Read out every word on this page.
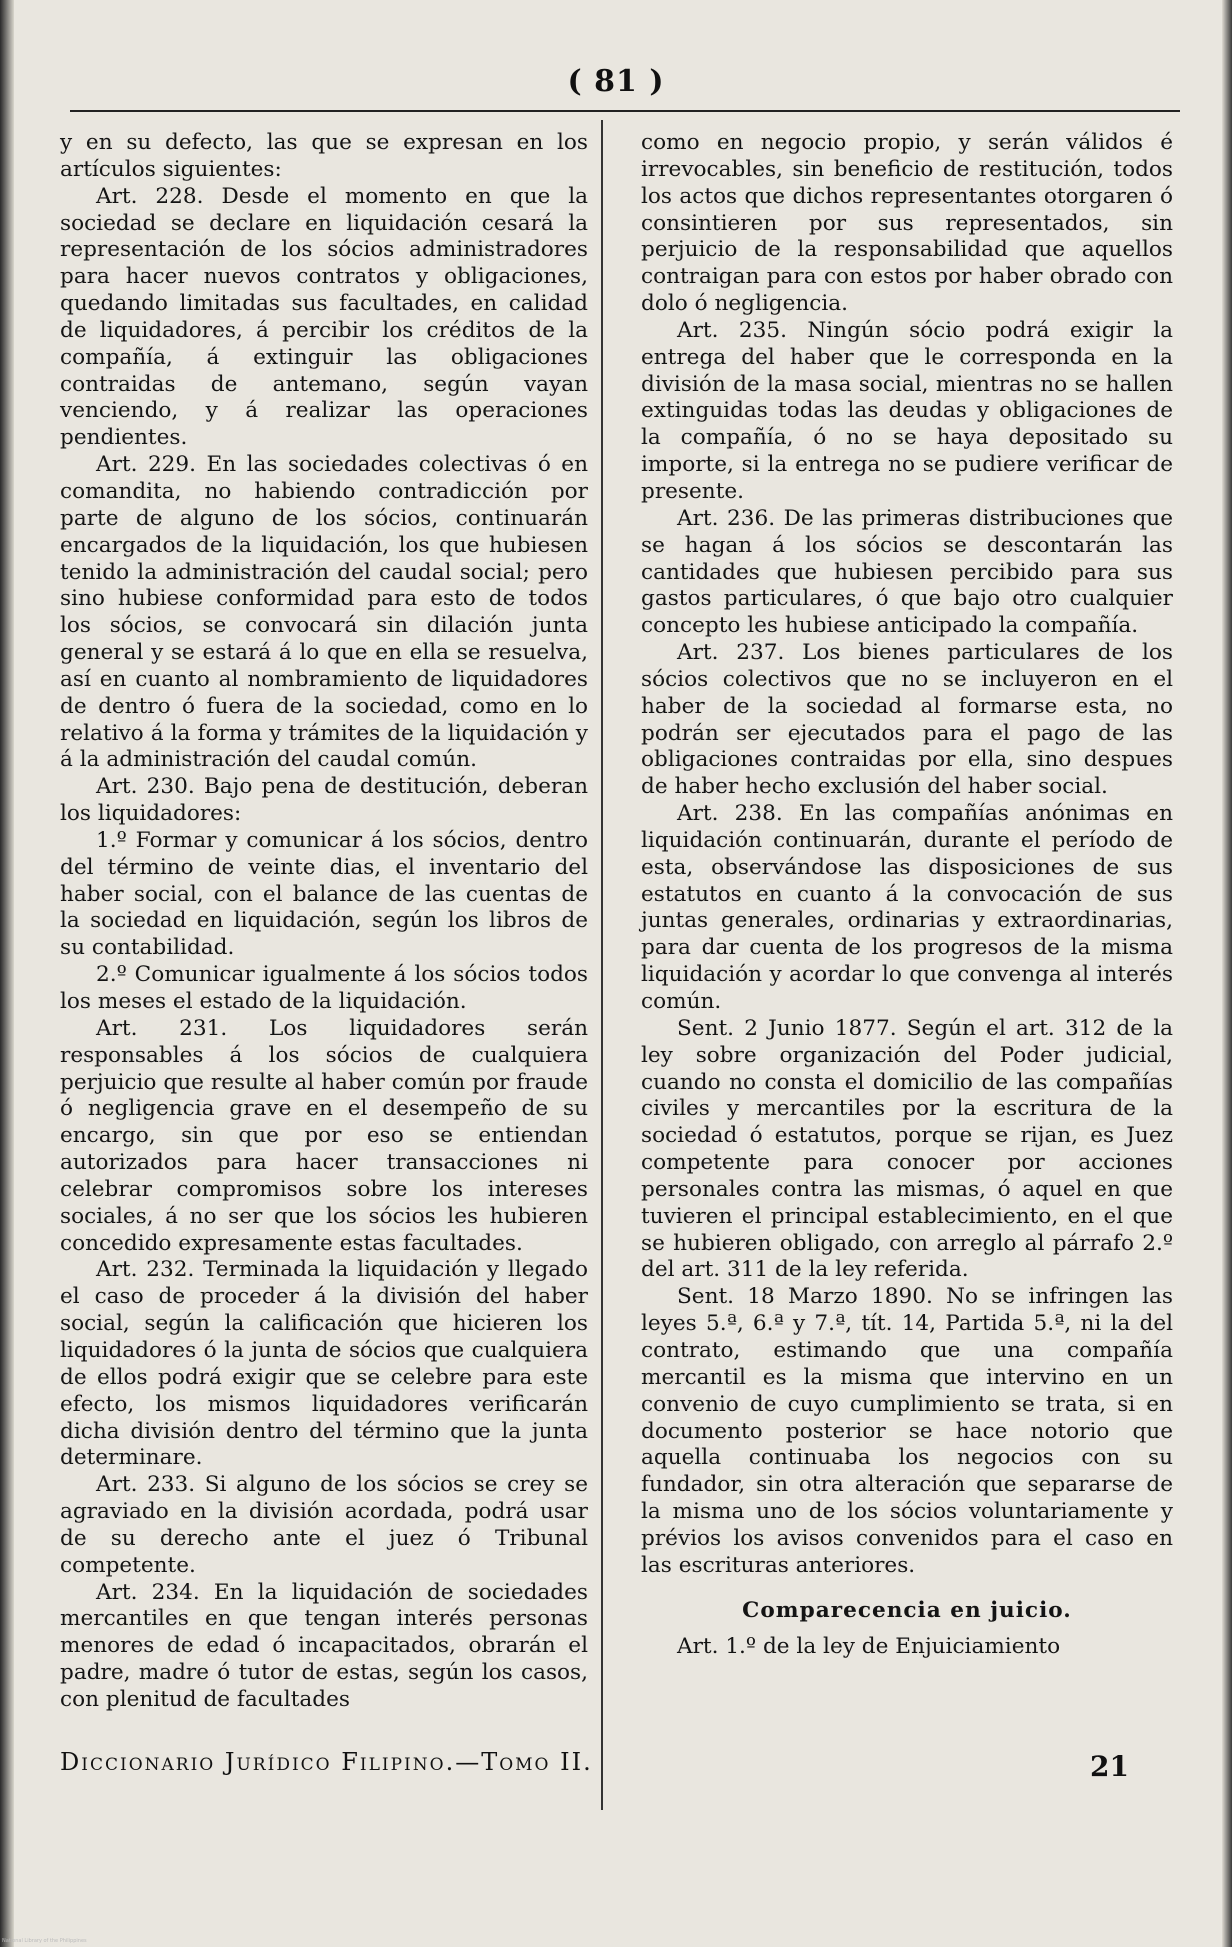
( 81 )

y en su defecto, las que se expresan en los artículos siguientes:

Art. 228. Desde el momento en que la sociedad se declare en liquidación cesará la representación de los sócios administradores para hacer nuevos contratos y obligaciones, quedando limitadas sus facultades, en calidad de liquidadores, á percibir los créditos de la compañía, á extinguir las obligaciones contraidas de antemano, según vayan venciendo, y á realizar las operaciones pendientes.

Art. 229. En las sociedades colectivas ó en comandita, no habiendo contradicción por parte de alguno de los sócios, continuarán encargados de la liquidación, los que hubiesen tenido la administración del caudal social; pero sino hubiese conformidad para esto de todos los sócios, se convocará sin dilación junta general y se estará á lo que en ella se resuelva, así en cuanto al nombramiento de liquidadores de dentro ó fuera de la sociedad, como en lo relativo á la forma y trámites de la liquidación y á la administración del caudal común.

Art. 230. Bajo pena de destitución, deberan los liquidadores:

1.º Formar y comunicar á los sócios, dentro del término de veinte dias, el inventario del haber social, con el balance de las cuentas de la sociedad en liquidación, según los libros de su contabilidad.

2.º Comunicar igualmente á los sócios todos los meses el estado de la liquidación.

Art. 231. Los liquidadores serán responsables á los sócios de cualquiera perjuicio que resulte al haber común por fraude ó negligencia grave en el desempeño de su encargo, sin que por eso se entiendan autorizados para hacer transacciones ni celebrar compromisos sobre los intereses sociales, á no ser que los sócios les hubieren concedido expresamente estas facultades.

Art. 232. Terminada la liquidación y llegado el caso de proceder á la división del haber social, según la calificación que hicieren los liquidadores ó la junta de sócios que cualquiera de ellos podrá exigir que se celebre para este efecto, los mismos liquidadores verificarán dicha división dentro del término que la junta determinare.

Art. 233. Si alguno de los sócios se crey se agraviado en la división acordada, podrá usar de su derecho ante el juez ó Tribunal competente.

Art. 234. En la liquidación de sociedades mercantiles en que tengan interés personas menores de edad ó incapacitados, obrarán el padre, madre ó tutor de estas, según los casos, con plenitud de facultades

como en negocio propio, y serán válidos é irrevocables, sin beneficio de restitución, todos los actos que dichos representantes otorgaren ó consintieren por sus representados, sin perjuicio de la responsabilidad que aquellos contraigan para con estos por haber obrado con dolo ó negligencia.

Art. 235. Ningún sócio podrá exigir la entrega del haber que le corresponda en la división de la masa social, mientras no se hallen extinguidas todas las deudas y obligaciones de la compañía, ó no se haya depositado su importe, si la entrega no se pudiere verificar de presente.

Art. 236. De las primeras distribuciones que se hagan á los sócios se descontarán las cantidades que hubiesen percibido para sus gastos particulares, ó que bajo otro cualquier concepto les hubiese anticipado la compañía.

Art. 237. Los bienes particulares de los sócios colectivos que no se incluyeron en el haber de la sociedad al formarse esta, no podrán ser ejecutados para el pago de las obligaciones contraidas por ella, sino despues de haber hecho exclusión del haber social.

Art. 238. En las compañías anónimas en liquidación continuarán, durante el período de esta, observándose las disposiciones de sus estatutos en cuanto á la convocación de sus juntas generales, ordinarias y extraordinarias, para dar cuenta de los progresos de la misma liquidación y acordar lo que convenga al interés común.

Sent. 2 Junio 1877. Según el art. 312 de la ley sobre organización del Poder judicial, cuando no consta el domicilio de las compañías civiles y mercantiles por la escritura de la sociedad ó estatutos, porque se rijan, es Juez competente para conocer por acciones personales contra las mismas, ó aquel en que tuvieren el principal establecimiento, en el que se hubieren obligado, con arreglo al párrafo 2.º del art. 311 de la ley referida.

Sent. 18 Marzo 1890. No se infringen las leyes 5.ª, 6.ª y 7.ª, tít. 14, Partida 5.ª, ni la del contrato, estimando que una compañía mercantil es la misma que intervino en un convenio de cuyo cumplimiento se trata, si en documento posterior se hace notorio que aquella continuaba los negocios con su fundador, sin otra alteración que separarse de la misma uno de los sócios voluntariamente y prévios los avisos convenidos para el caso en las escrituras anteriores.

Comparecencia en juicio.

Art. 1.º de la ley de Enjuiciamiento

Diccionario Jurídico Filipino.—Tomo II.	21
National Library of the Philippines
